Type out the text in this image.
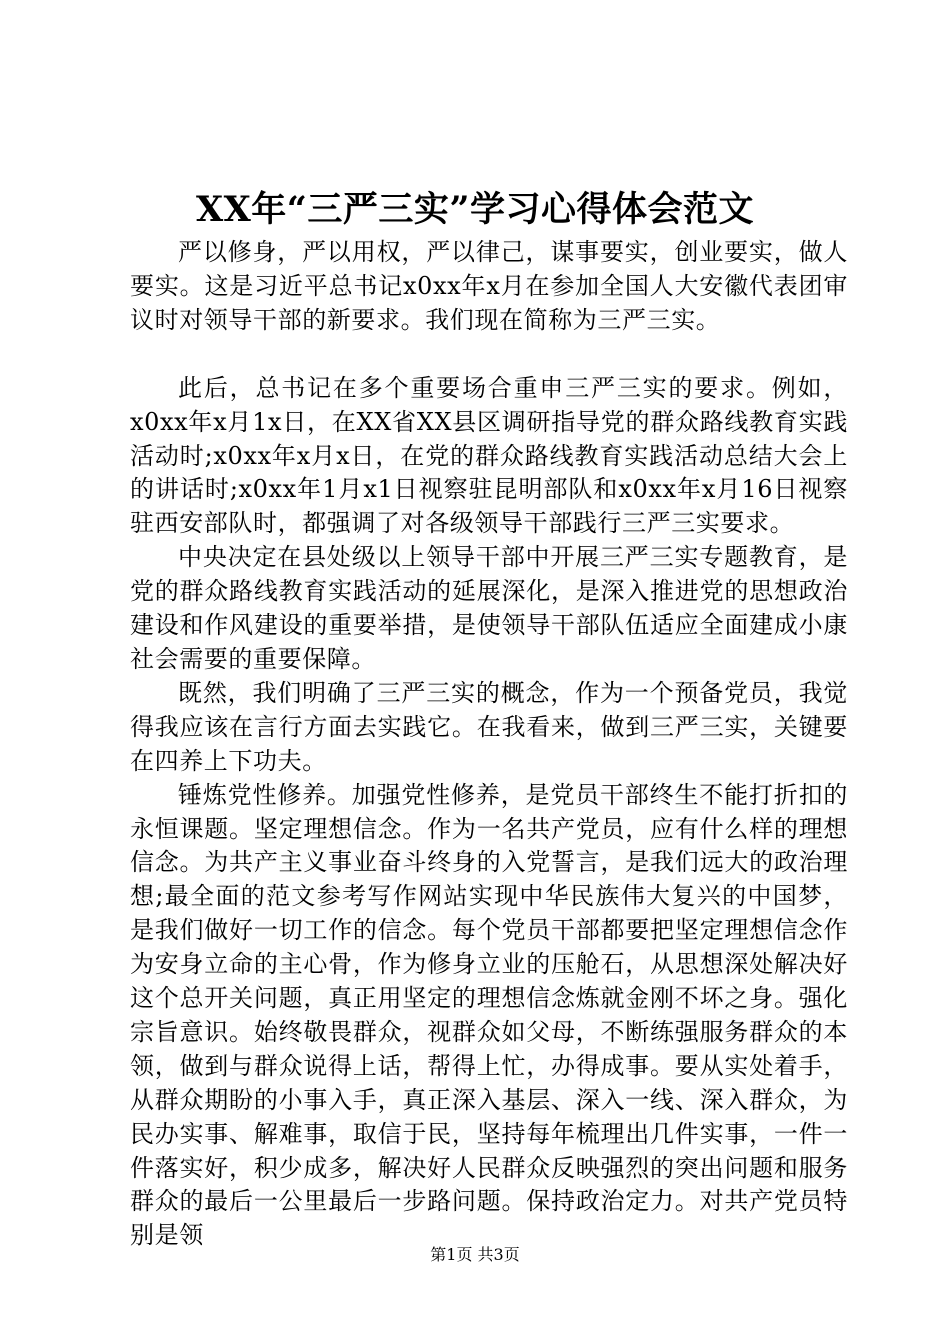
XX年“三严三实”学习心得体会范文

严以修身，严以用权，严以律己，谋事要实，创业要实，做人要实。这是习近平总书记x0xx年x月在参加全国人大安徽代表团审议时对领导干部的新要求。我们现在简称为三严三实。

此后，总书记在多个重要场合重申三严三实的要求。例如，x0xx年x月1x日，在XX省XX县区调研指导党的群众路线教育实践活动时;x0xx年x月x日，在党的群众路线教育实践活动总结大会上的讲话时;x0xx年1月x1日视察驻昆明部队和x0xx年x月16日视察驻西安部队时，都强调了对各级领导干部践行三严三实要求。

中央决定在县处级以上领导干部中开展三严三实专题教育，是党的群众路线教育实践活动的延展深化，是深入推进党的思想政治建设和作风建设的重要举措，是使领导干部队伍适应全面建成小康社会需要的重要保障。

既然，我们明确了三严三实的概念，作为一个预备党员，我觉得我应该在言行方面去实践它。在我看来，做到三严三实，关键要在四养上下功夫。

锤炼党性修养。加强党性修养，是党员干部终生不能打折扣的永恒课题。坚定理想信念。作为一名共产党员，应有什么样的理想信念。为共产主义事业奋斗终身的入党誓言，是我们远大的政治理想;最全面的范文参考写作网站实现中华民族伟大复兴的中国梦，是我们做好一切工作的信念。每个党员干部都要把坚定理想信念作为安身立命的主心骨，作为修身立业的压舱石，从思想深处解决好这个总开关问题，真正用坚定的理想信念炼就金刚不坏之身。强化宗旨意识。始终敬畏群众，视群众如父母，不断练强服务群众的本领，做到与群众说得上话，帮得上忙，办得成事。要从实处着手，从群众期盼的小事入手，真正深入基层、深入一线、深入群众，为民办实事、解难事，取信于民，坚持每年梳理出几件实事，一件一件落实好，积少成多，解决好人民群众反映强烈的突出问题和服务群众的最后一公里最后一步路问题。保持政治定力。对共产党员特别是领

第1页 共3页
